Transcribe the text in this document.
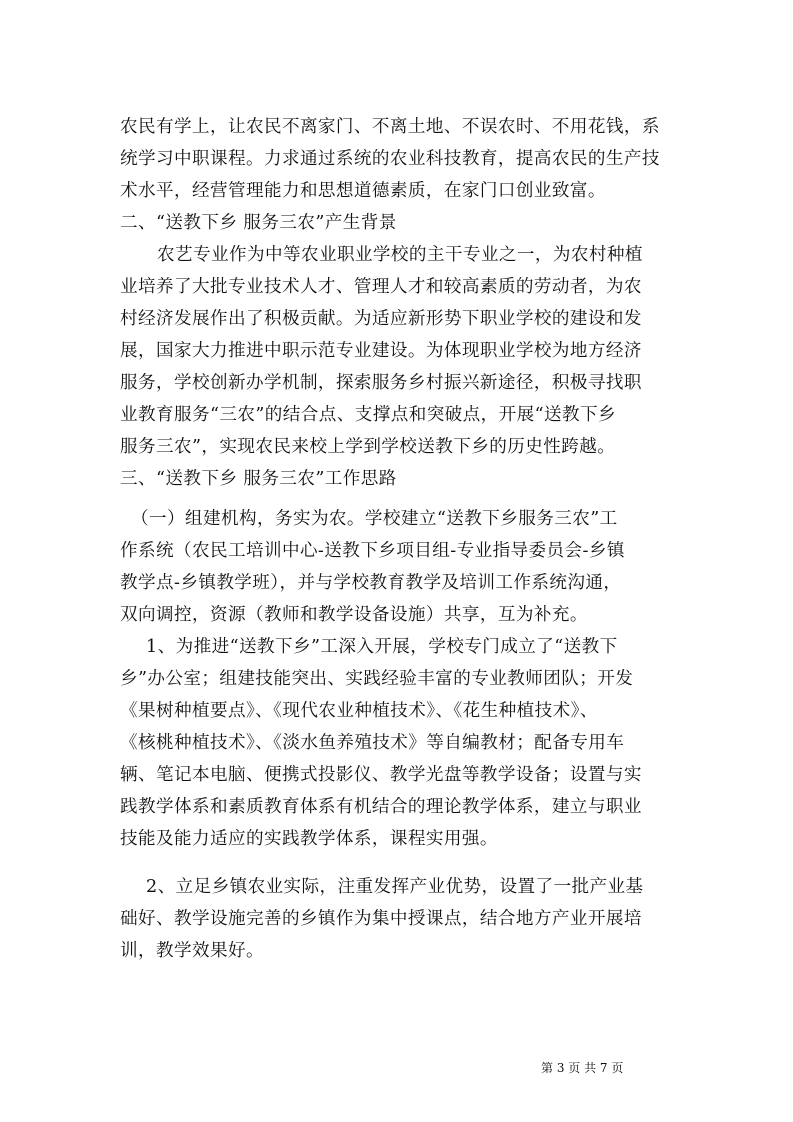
农民有学上，让农民不离家门、不离土地、不误农时、不用花钱，系
统学习中职课程。力求通过系统的农业科技教育，提高农民的生产技
术水平，经营管理能力和思想道德素质，在家门口创业致富。
二、“送教下乡 服务三农”产生背景
农艺专业作为中等农业职业学校的主干专业之一，为农村种植
业培养了大批专业技术人才、管理人才和较高素质的劳动者，为农
村经济发展作出了积极贡献。为适应新形势下职业学校的建设和发
展，国家大力推进中职示范专业建设。为体现职业学校为地方经济
服务，学校创新办学机制，探索服务乡村振兴新途径，积极寻找职
业教育服务“三农”的结合点、支撑点和突破点，开展“送教下乡
服务三农”，实现农民来校上学到学校送教下乡的历史性跨越。
三、“送教下乡 服务三农”工作思路
（一）组建机构，务实为农。学校建立“送教下乡服务三农”工
作系统（农民工培训中心-送教下乡项目组-专业指导委员会-乡镇
教学点-乡镇教学班），并与学校教育教学及培训工作系统沟通，
双向调控，资源（教师和教学设备设施）共享，互为补充。
1、为推进“送教下乡”工深入开展，学校专门成立了“送教下
乡”办公室；组建技能突出、实践经验丰富的专业教师团队；开发
《果树种植要点》、《现代农业种植技术》、《花生种植技术》、
《核桃种植技术》、《淡水鱼养殖技术》等自编教材；配备专用车
辆、笔记本电脑、便携式投影仪、教学光盘等教学设备；设置与实
践教学体系和素质教育体系有机结合的理论教学体系，建立与职业
技能及能力适应的实践教学体系，课程实用强。
2、立足乡镇农业实际，注重发挥产业优势，设置了一批产业基
础好、教学设施完善的乡镇作为集中授课点，结合地方产业开展培
训，教学效果好。
第 3 页 共 7 页
